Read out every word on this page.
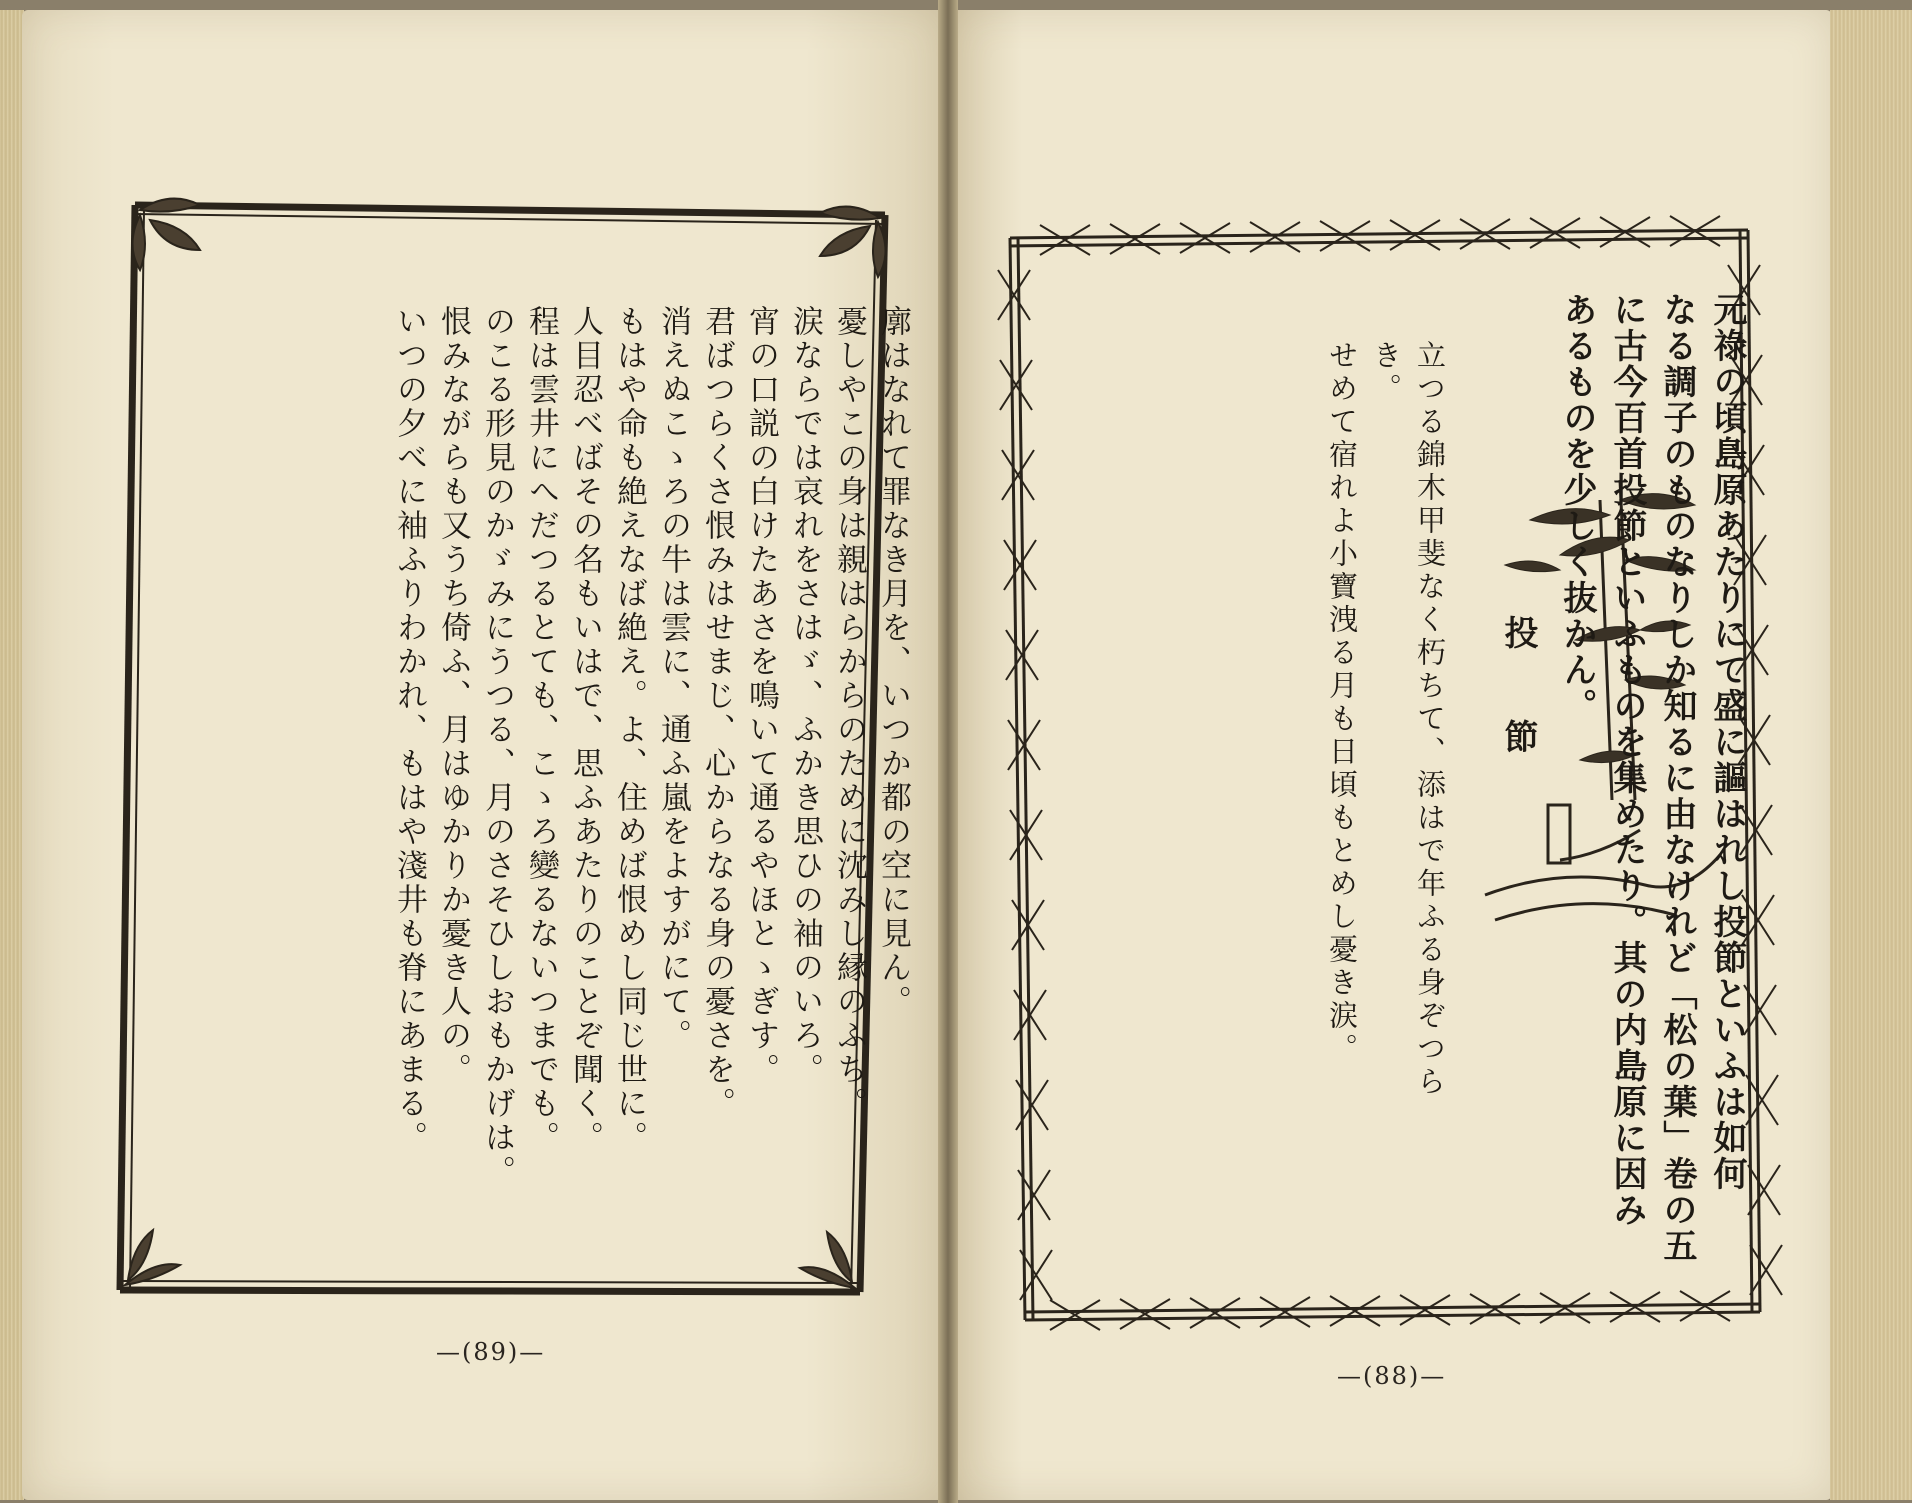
廓はなれて罪なき月を、いつか都の空に見ん。
憂しやこの身は親はらからのために沈みし縁のふち。
涙ならでは哀れをさはゞ、ふかき思ひの袖のいろ。
宵の口説の白けたあさを鳴いて通るやほとゝぎす。
君ばつらくさ恨みはせまじ、心からなる身の憂さを。
消えぬこゝろの牛は雲に、通ふ嵐をよすがにて。
もはや命も絶えなば絶え。よ、住めば恨めし同じ世に。
人目忍べばその名もいはで、思ふあたりのことぞ聞く。
程は雲井にへだつるとても、こゝろ變るないつまでも。
のこる形見のかゞみにうつる、月のさそひしおもかげは。
恨みながらも又うち倚ふ、月はゆかりか憂き人の。
いつの夕べに袖ふりわかれ、もはや淺井も脊にあまる。	元祿の頃島原あたりにて盛に謳はれし投節といふは如何
なる調子のものなりしか知るに由なけれど「松の葉」卷の五
に古今百首投節といふものを集めたり。其の内島原に因み
あるものを少しく抜かん。
立つる錦木甲斐なく朽ちて、添はで年ふる身ぞつらき。
せめて宿れよ小寶洩る月も日頃もとめし憂き涙。	投節
—(89)—
—(88)—
